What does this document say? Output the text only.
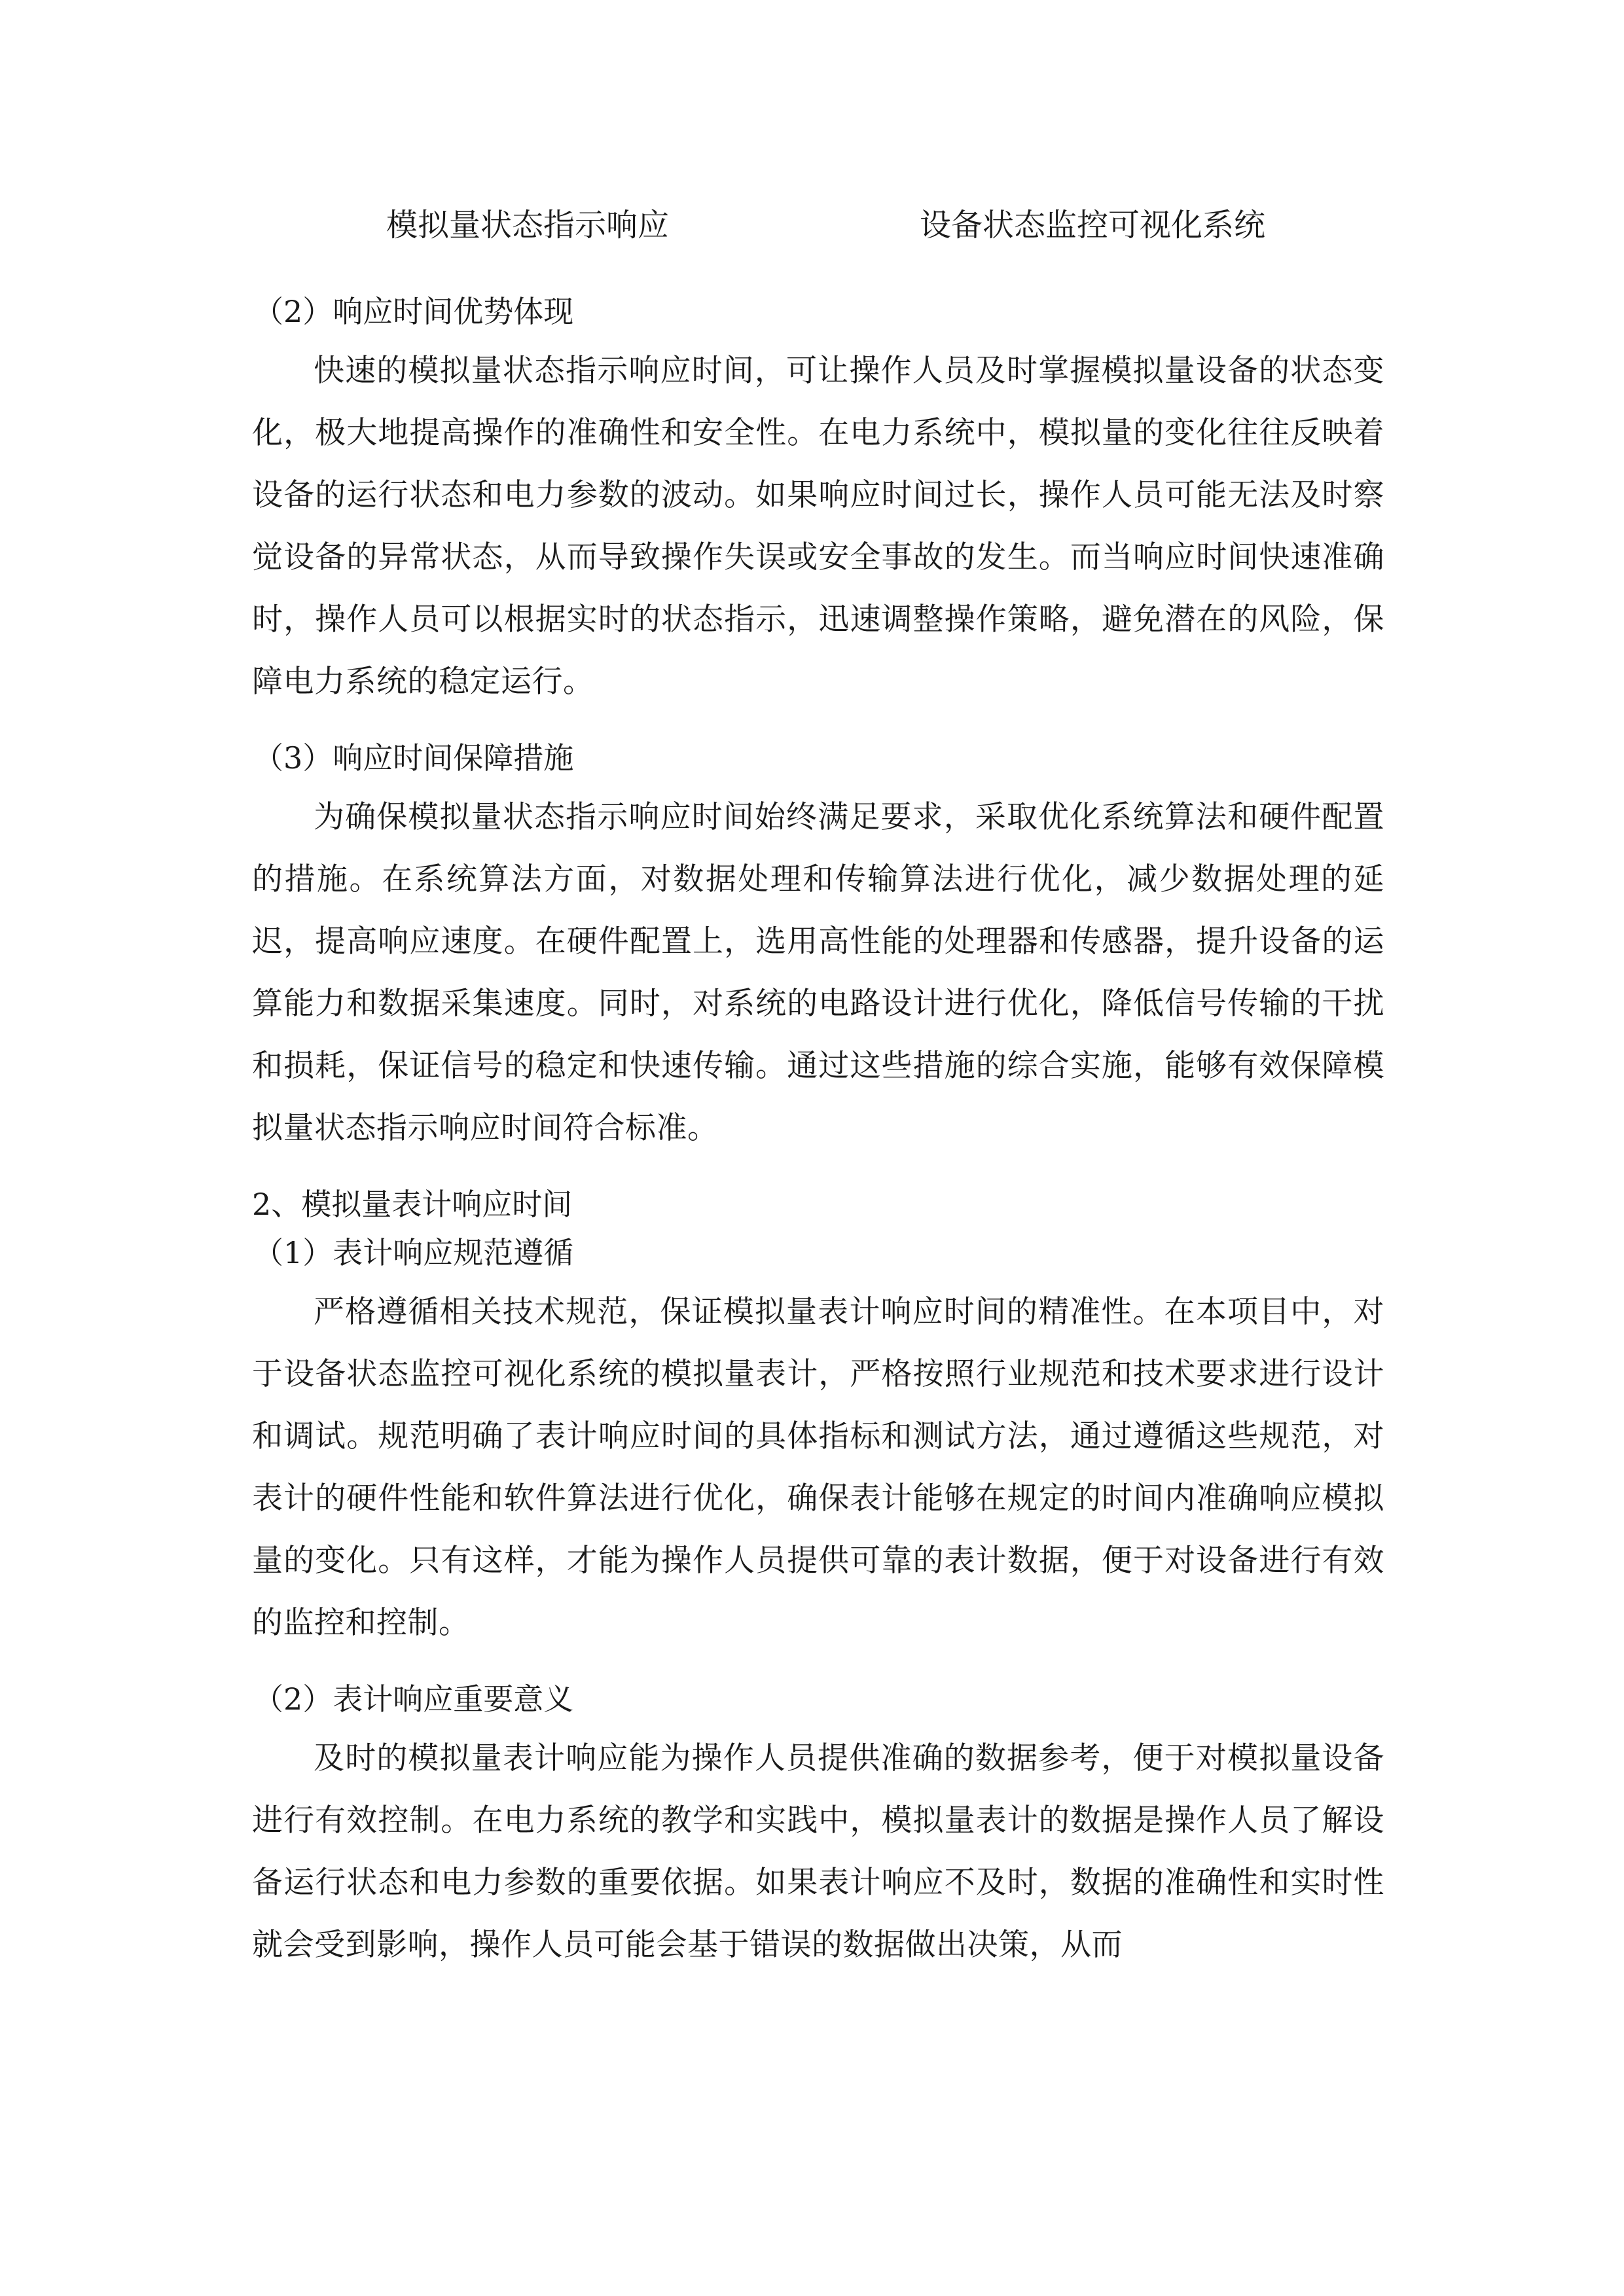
模拟量状态指示响应	设备状态监控可视化系统

（2）响应时间优势体现

快速的模拟量状态指示响应时间，可让操作人员及时掌握模拟量设备的状态变化，极大地提高操作的准确性和安全性。在电力系统中，模拟量的变化往往反映着设备的运行状态和电力参数的波动。如果响应时间过长，操作人员可能无法及时察觉设备的异常状态，从而导致操作失误或安全事故的发生。而当响应时间快速准确时，操作人员可以根据实时的状态指示，迅速调整操作策略，避免潜在的风险，保障电力系统的稳定运行。

（3）响应时间保障措施

为确保模拟量状态指示响应时间始终满足要求，采取优化系统算法和硬件配置的措施。在系统算法方面，对数据处理和传输算法进行优化，减少数据处理的延迟，提高响应速度。在硬件配置上，选用高性能的处理器和传感器，提升设备的运算能力和数据采集速度。同时，对系统的电路设计进行优化，降低信号传输的干扰和损耗，保证信号的稳定和快速传输。通过这些措施的综合实施，能够有效保障模拟量状态指示响应时间符合标准。

2、模拟量表计响应时间

（1）表计响应规范遵循

严格遵循相关技术规范，保证模拟量表计响应时间的精准性。在本项目中，对于设备状态监控可视化系统的模拟量表计，严格按照行业规范和技术要求进行设计和调试。规范明确了表计响应时间的具体指标和测试方法，通过遵循这些规范，对表计的硬件性能和软件算法进行优化，确保表计能够在规定的时间内准确响应模拟量的变化。只有这样，才能为操作人员提供可靠的表计数据，便于对设备进行有效的监控和控制。

（2）表计响应重要意义

及时的模拟量表计响应能为操作人员提供准确的数据参考，便于对模拟量设备进行有效控制。在电力系统的教学和实践中，模拟量表计的数据是操作人员了解设备运行状态和电力参数的重要依据。如果表计响应不及时，数据的准确性和实时性就会受到影响，操作人员可能会基于错误的数据做出决策，从而
